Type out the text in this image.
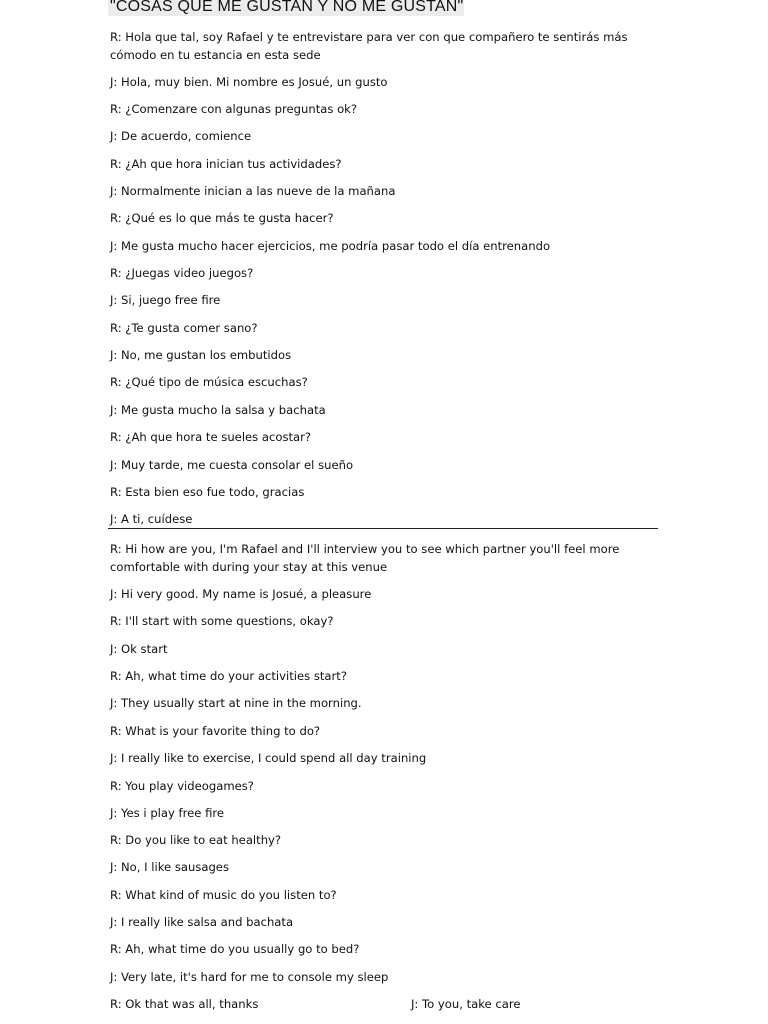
"COSAS QUE ME GUSTAN Y NO ME GUSTAN"
R: Hola que tal, soy Rafael y te entrevistare para ver con que compañero te sentirás más cómodo en tu estancia en esta sede
J: Hola, muy bien. Mi nombre es Josué, un gusto
R: ¿Comenzare con algunas preguntas ok?
J: De acuerdo, comience
R: ¿Ah que hora inician tus actividades?
J: Normalmente inician a las nueve de la mañana
R: ¿Qué es lo que más te gusta hacer?
J: Me gusta mucho hacer ejercicios, me podría pasar todo el día entrenando
R: ¿Juegas video juegos?
J: Si, juego free fire
R: ¿Te gusta comer sano?
J: No, me gustan los embutidos
R: ¿Qué tipo de música escuchas?
J: Me gusta mucho la salsa y bachata
R: ¿Ah que hora te sueles acostar?
J: Muy tarde, me cuesta consolar el sueño
R: Esta bien eso fue todo, gracias
J: A ti, cuídese
R: Hi how are you, I'm Rafael and I'll interview you to see which partner you'll feel more comfortable with during your stay at this venue
J: Hi very good. My name is Josué, a pleasure
R: I'll start with some questions, okay?
J: Ok start
R: Ah, what time do your activities start?
J: They usually start at nine in the morning.
R: What is your favorite thing to do?
J: I really like to exercise, I could spend all day training
R: You play videogames?
J: Yes i play free fire
R: Do you like to eat healthy?
J: No, I like sausages
R: What kind of music do you listen to?
J: I really like salsa and bachata
R: Ah, what time do you usually go to bed?
J: Very late, it's hard for me to console my sleep
R: Ok that was all, thanks	J: To you, take care
